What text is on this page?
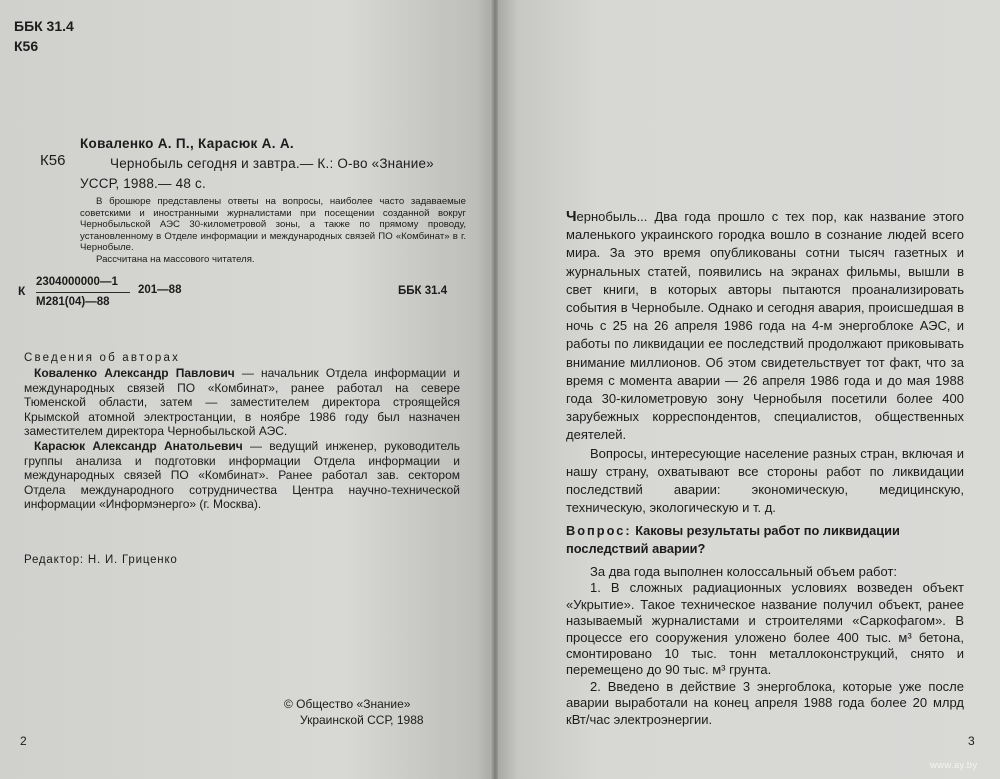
ББК 31.4
К56
К56
Коваленко А. П., Карасюк А. А.
Чернобыль сегодня и завтра.— К.: О-во «Знание»
УССР, 1988.— 48 с.

В брошюре представлены ответы на вопросы, наиболее часто задаваемые советскими и иностранными журналистами при посещении созданной вокруг Чернобыльской АЭС 30-километровой зоны, а также по прямому проводу, установленному в Отделе информации и международных связей ПО «Комбинат» в г. Чернобыле.

Рассчитана на массового читателя.

К
2304000000—1
М281(04)—88
201—88	ББК 31.4
Сведения об авторах

Коваленко Александр Павлович — начальник Отдела информации и международных связей ПО «Комбинат», ранее работал на севере Тюменской области, затем — заместителем директора строящейся Крымской атомной электростанции, в ноябре 1986 году был назначен заместителем директора Чернобыльской АЭС.

Карасюк Александр Анатольевич — ведущий инженер, руководитель группы анализа и подготовки информации Отдела информации и международных связей ПО «Комбинат». Ранее работал зав. сектором Отдела международного сотрудничества Центра научно-технической информации «Информэнерго» (г. Москва).

Редактор: Н. И. Гриценко
© Общество «Знание»
Украинской ССР, 1988
2

Чернобыль... Два года прошло с тех пор, как название этого маленького украинского городка вошло в сознание людей всего мира. За это время опубликованы сотни тысяч газетных и журнальных статей, появились на экранах фильмы, вышли в свет книги, в которых авторы пытаются проанализировать события в Чернобыле. Однако и сегодня авария, происшедшая в ночь с 25 на 26 апреля 1986 года на 4-м энергоблоке АЭС, и работы по ликвидации ее последствий продолжают приковывать внимание миллионов. Об этом свидетельствует тот факт, что за время с момента аварии — 26 апреля 1986 года и до мая 1988 года 30-километровую зону Чернобыля посетили более 400 зарубежных корреспондентов, специалистов, общественных деятелей.

Вопросы, интересующие население разных стран, включая и нашу страну, охватывают все стороны работ по ликвидации последствий аварии: экономическую, медицинскую, техническую, экологическую и т. д.

Вопрос: Каковы результаты работ по ликвидации последствий аварии?

За два года выполнен колоссальный объем работ:

1. В сложных радиационных условиях возведен объект «Укрытие». Такое техническое название получил объект, ранее называемый журналистами и строителями «Саркофагом». В процессе его сооружения уложено более 400 тыс. м³ бетона, смонтировано 10 тыс. тонн металлоконструкций, снято и перемещено до 90 тыс. м³ грунта.

2. Введено в действие 3 энергоблока, которые уже после аварии выработали на конец апреля 1988 года более 20 млрд кВт/час электроэнергии.

3
www.ay.by
